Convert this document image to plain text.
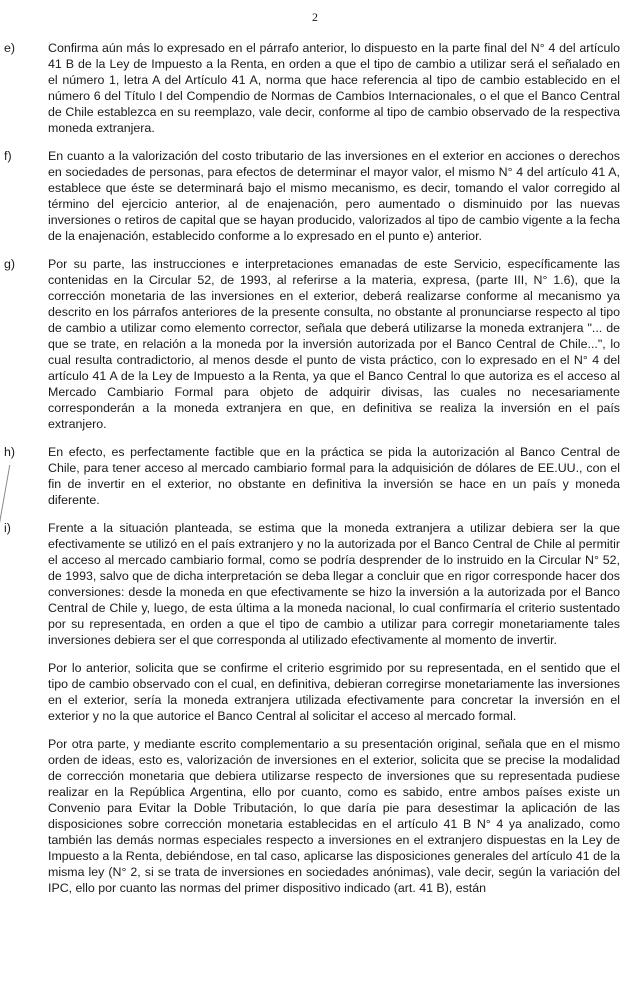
2
e)	Confirma aún más lo expresado en el párrafo anterior, lo dispuesto en la parte final del N° 4 del artículo 41 B de la Ley de Impuesto a la Renta, en orden a que el tipo de cambio a utilizar será el señalado en el número 1, letra A del Artículo 41 A, norma que hace referencia al tipo de cambio establecido en el número 6 del Título I del Compendio de Normas de Cambios Internacionales, o el que el Banco Central de Chile establezca en su reemplazo, vale decir, conforme al tipo de cambio observado de la respectiva moneda extranjera.
f)	En cuanto a la valorización del costo tributario de las inversiones en el exterior en acciones o derechos en sociedades de personas, para efectos de determinar el mayor valor, el mismo N° 4 del artículo 41 A, establece que éste se determinará bajo el mismo mecanismo, es decir, tomando el valor corregido al término del ejercicio anterior, al de enajenación, pero aumentado o disminuido por las nuevas inversiones o retiros de capital que se hayan producido, valorizados al tipo de cambio vigente a la fecha de la enajenación, establecido conforme a lo expresado en el punto e) anterior.
g)	Por su parte, las instrucciones e interpretaciones emanadas de este Servicio, específicamente las contenidas en la Circular 52, de 1993, al referirse a la materia, expresa, (parte III, N° 1.6), que la corrección monetaria de las inversiones en el exterior, deberá realizarse conforme al mecanismo ya descrito en los párrafos anteriores de la presente consulta, no obstante al pronunciarse respecto al tipo de cambio a utilizar como elemento corrector, señala que deberá utilizarse la moneda extranjera "... de que se trate, en relación a la moneda por la inversión autorizada por el Banco Central de Chile...", lo cual resulta contradictorio, al menos desde el punto de vista práctico, con lo expresado en el N° 4 del artículo 41 A de la Ley de Impuesto a la Renta, ya que el Banco Central lo que autoriza es el acceso al Mercado Cambiario Formal para objeto de adquirir divisas, las cuales no necesariamente corresponderán a la moneda extranjera en que, en definitiva se realiza la inversión en el país extranjero.
h)	En efecto, es perfectamente factible que en la práctica se pida la autorización al Banco Central de Chile, para tener acceso al mercado cambiario formal para la adquisición de dólares de EE.UU., con el fin de invertir en el exterior, no obstante en definitiva la inversión se hace en un país y moneda diferente.
i)	Frente a la situación planteada, se estima que la moneda extranjera a utilizar debiera ser la que efectivamente se utilizó en el país extranjero y no la autorizada por el Banco Central de Chile al permitir el acceso al mercado cambiario formal, como se podría desprender de lo instruido en la Circular N° 52, de 1993, salvo que de dicha interpretación se deba llegar a concluir que en rigor corresponde hacer dos conversiones: desde la moneda en que efectivamente se hizo la inversión a la autorizada por el Banco Central de Chile y, luego, de esta última a la moneda nacional, lo cual confirmaría el criterio sustentado por su representada, en orden a que el tipo de cambio a utilizar para corregir monetariamente tales inversiones debiera ser el que corresponda al utilizado efectivamente al momento de invertir.

Por lo anterior, solicita que se confirme el criterio esgrimido por su representada, en el sentido que el tipo de cambio observado con el cual, en definitiva, debieran corregirse monetariamente las inversiones en el exterior, sería la moneda extranjera utilizada efectivamente para concretar la inversión en el exterior y no la que autorice el Banco Central al solicitar el acceso al mercado formal.

Por otra parte, y mediante escrito complementario a su presentación original, señala que en el mismo orden de ideas, esto es, valorización de inversiones en el exterior, solicita que se precise la modalidad de corrección monetaria que debiera utilizarse respecto de inversiones que su representada pudiese realizar en la República Argentina, ello por cuanto, como es sabido, entre ambos países existe un Convenio para Evitar la Doble Tributación, lo que daría pie para desestimar la aplicación de las disposiciones sobre corrección monetaria establecidas en el artículo 41 B N° 4 ya analizado, como también las demás normas especiales respecto a inversiones en el extranjero dispuestas en la Ley de Impuesto a la Renta, debiéndose, en tal caso, aplicarse las disposiciones generales del artículo 41 de la misma ley (N° 2, si se trata de inversiones en sociedades anónimas), vale decir, según la variación del IPC, ello por cuanto las normas del primer dispositivo indicado (art. 41 B), están
